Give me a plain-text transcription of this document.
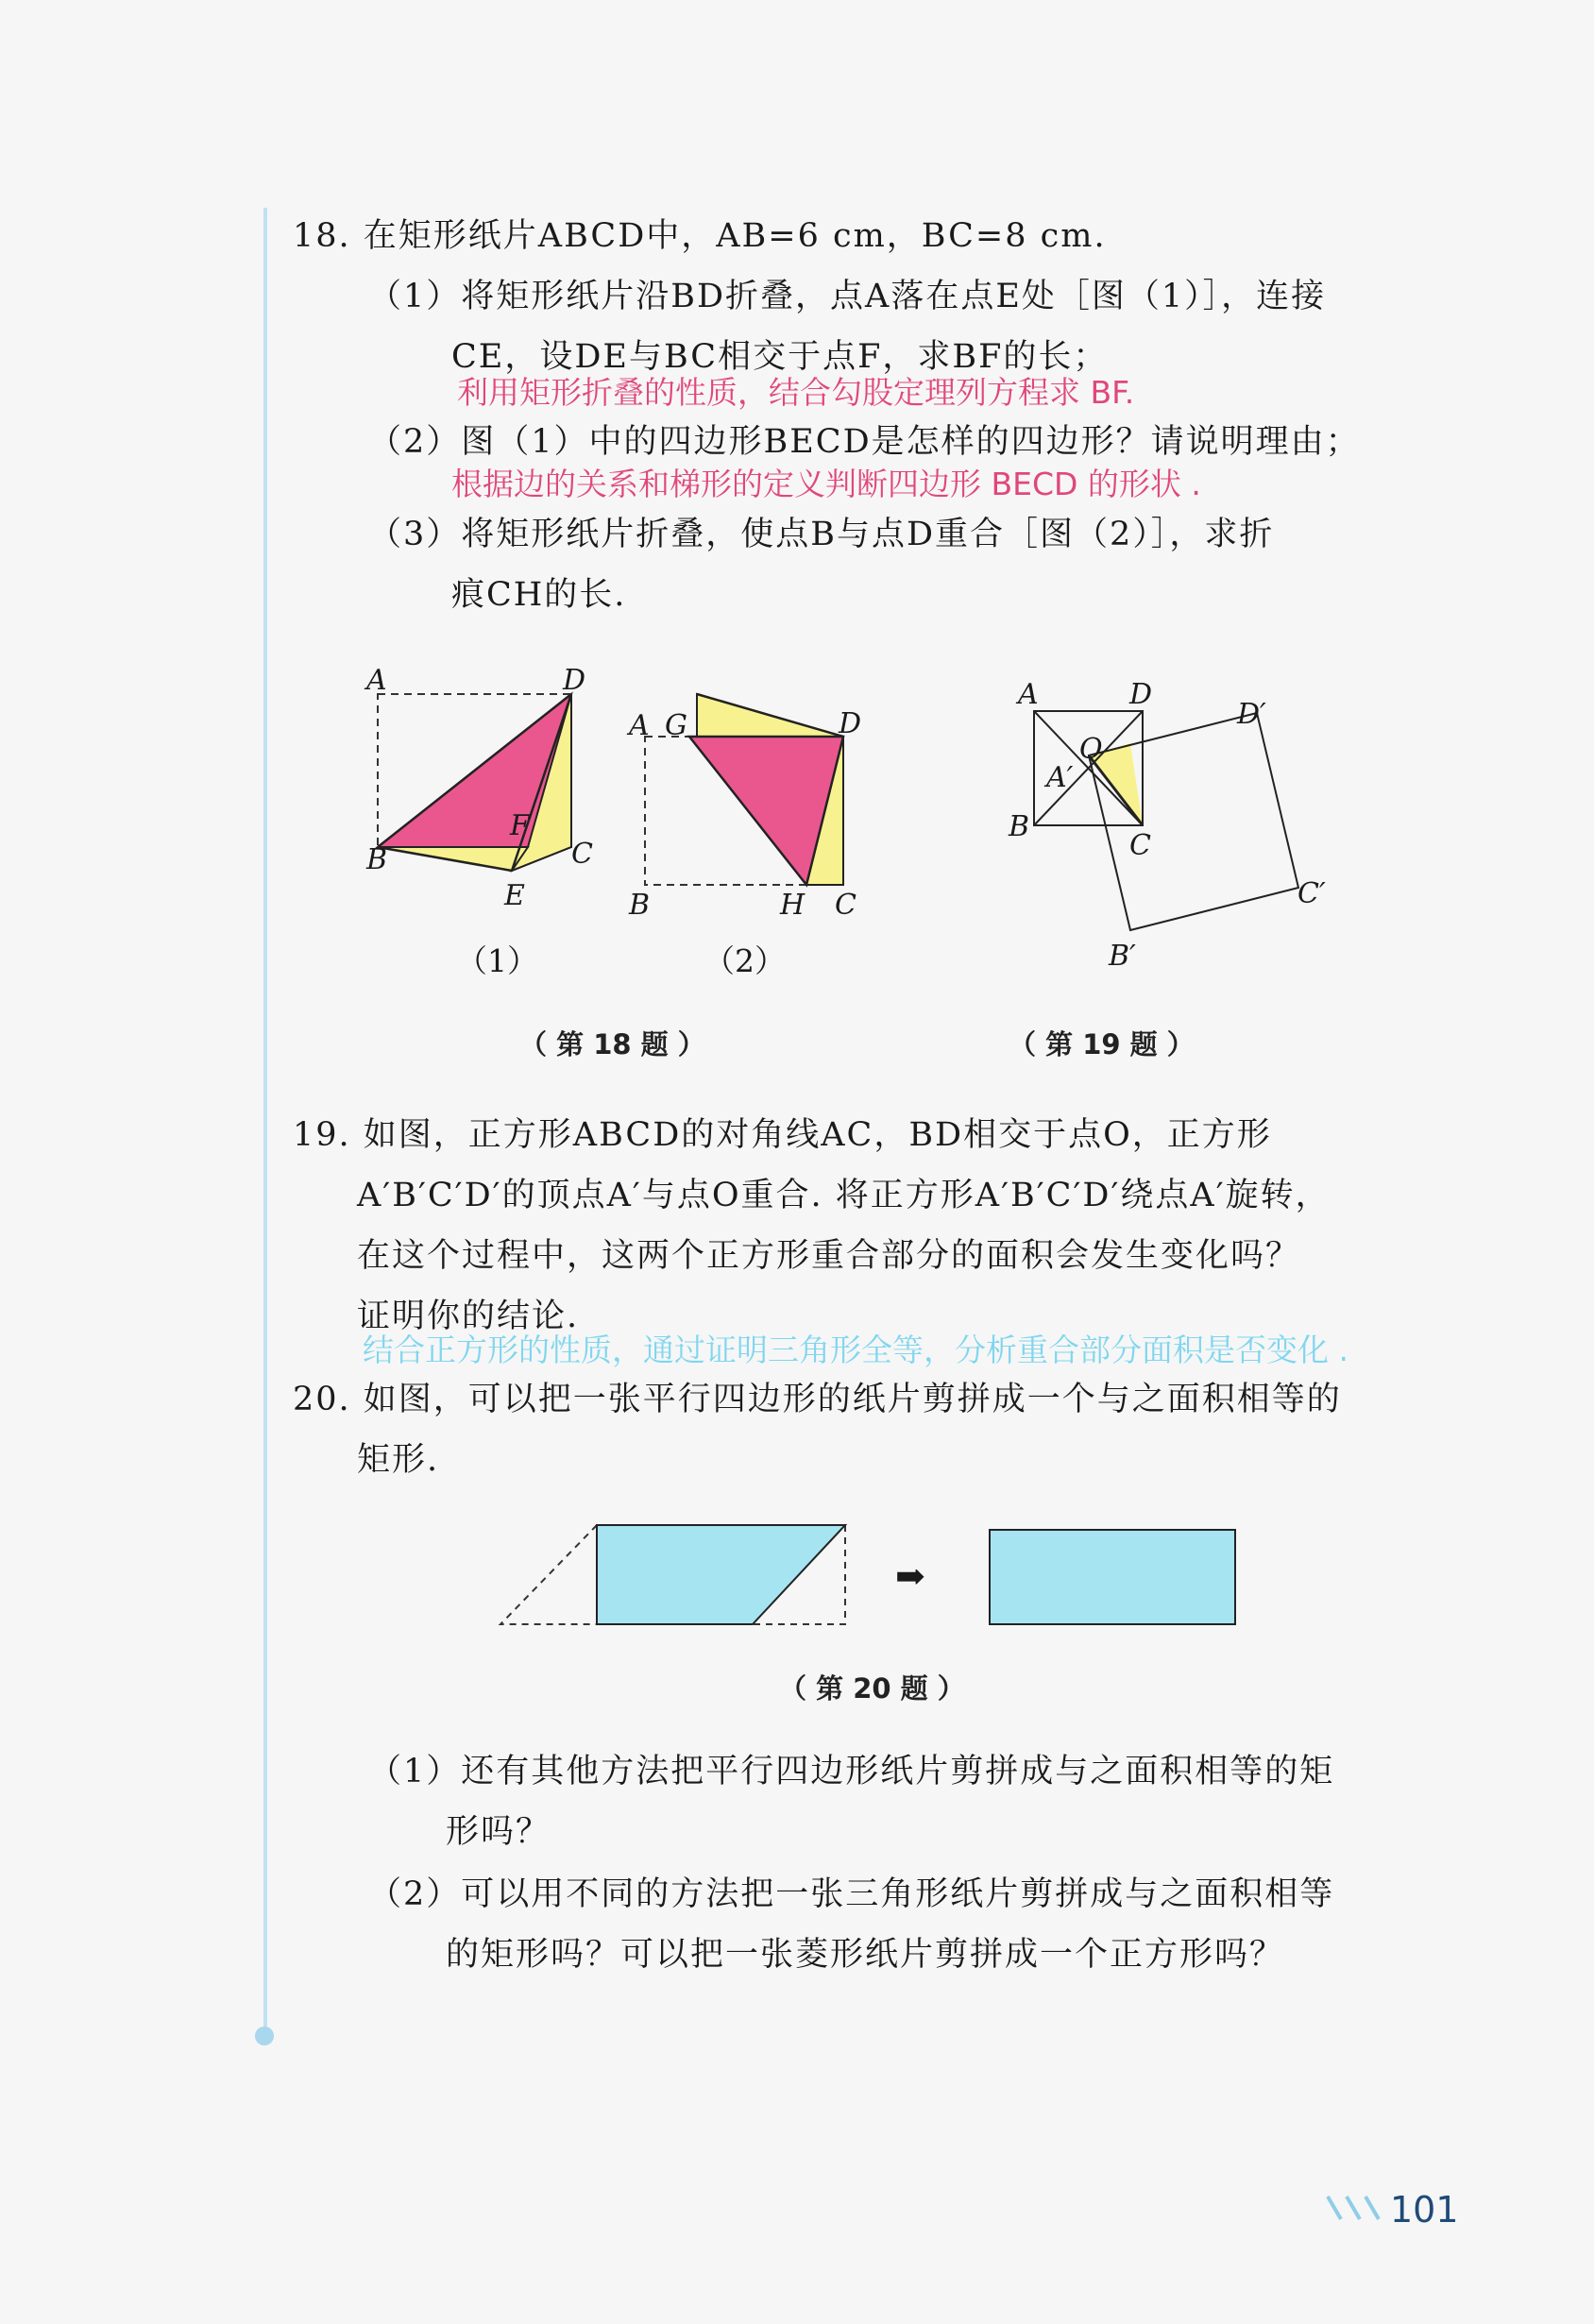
18. 在矩形纸片ABCD中，AB=6 cm，BC=8 cm.
（1）将矩形纸片沿BD折叠，点A落在点E处［图（1）］，连接
CE，设DE与BC相交于点F，求BF的长；
利用矩形折叠的性质，结合勾股定理列方程求 BF.
（2）图（1）中的四边形BECD是怎样的四边形？请说明理由；
根据边的关系和梯形的定义判断四边形 BECD 的形状 .
（3）将矩形纸片折叠，使点B与点D重合［图（2）］，求折
痕CH的长.
A	D
B	C
E
F
A G	D
B	H C
A	D
B
C
O
A′
D′
C′
B′
（1）	（2）
（ 第 18 题 ）	（ 第 19 题 ）
19. 如图，正方形ABCD的对角线AC，BD相交于点O，正方形
A′B′C′D′的顶点A′与点O重合. 将正方形A′B′C′D′绕点A′旋转，
在这个过程中，这两个正方形重合部分的面积会发生变化吗？
证明你的结论.
结合正方形的性质，通过证明三角形全等，分析重合部分面积是否变化 .
20. 如图，可以把一张平行四边形的纸片剪拼成一个与之面积相等的
矩形.
➡
（ 第 20 题 ）
（1）还有其他方法把平行四边形纸片剪拼成与之面积相等的矩
形吗？
（2）可以用不同的方法把一张三角形纸片剪拼成与之面积相等
的矩形吗？可以把一张菱形纸片剪拼成一个正方形吗？
101
